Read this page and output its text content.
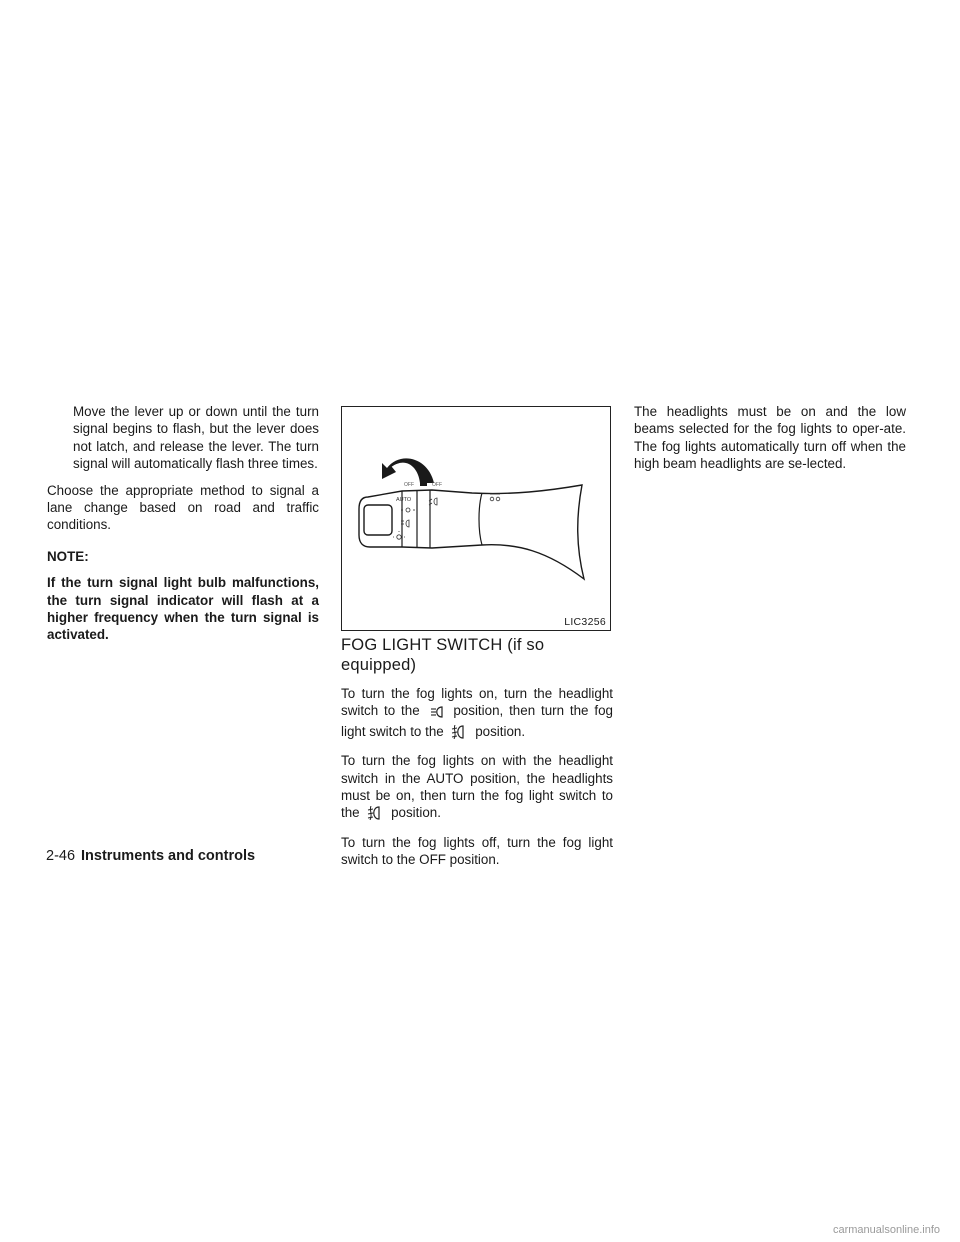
Move the lever up or down until the turn signal begins to flash, but the lever does not latch, and release the lever. The turn signal will automatically flash three times.

Choose the appropriate method to signal a lane change based on road and traffic conditions.

NOTE:

If the turn signal light bulb malfunctions, the turn signal indicator will flash at a higher frequency when the turn signal is activated.

OFF	OFF
AUTO
LIC3256
FOG LIGHT SWITCH (if so equipped)

To turn the fog lights on, turn the headlight switch to the	position, then turn the fog light switch to the position.

To turn the fog lights on with the headlight switch in the AUTO position, the headlights must be on, then turn the fog light switch to the position.

To turn the fog lights off, turn the fog light switch to the OFF position.

The headlights must be on and the low beams selected for the fog lights to oper-ate. The fog lights automatically turn off when the high beam headlights are se-lected.

2-46 Instruments and controls
carmanualsonline.info
